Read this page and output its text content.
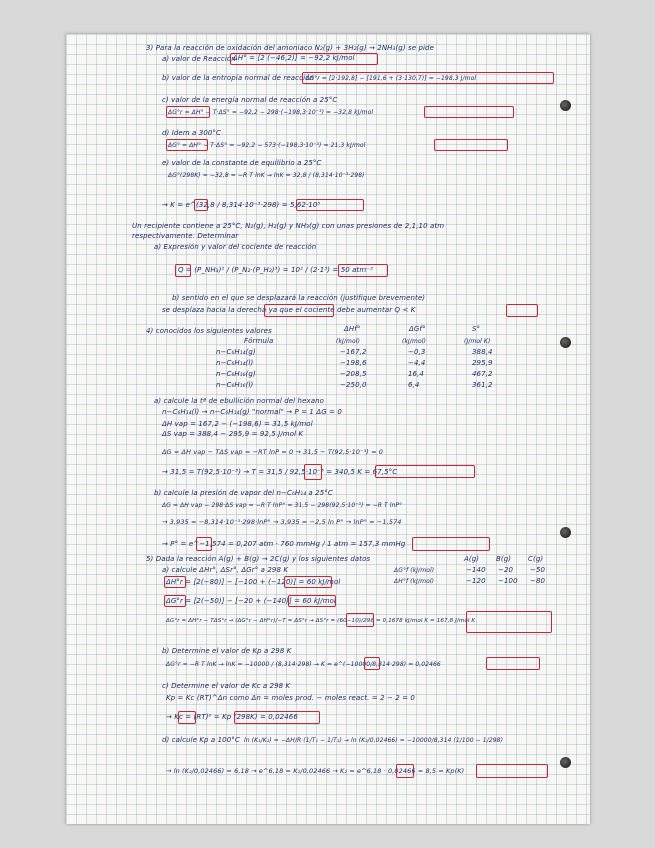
3) Para la reacción de oxidación del amoniaco N₂(g) + 3H₂(g) → 2NH₃(g) se pide
a) valor de Reacción
ΔH° = [2 (−46,2)] = −92,2 kJ/mol
b) valor de la entropía normal de reacción
ΔS°r = [2·192,8] − [191,6 + (3·130,7)] = −198,3 J/mol
c) valor de la energía normal de reacción a 25°C
ΔG°r = ΔH° − T·ΔS° = −92,2 − 298·(−198,3·10⁻³) = −32,8 kJ/mol
d) Idem a 300°C
ΔG° = ΔH° − T·ΔS° = −92,2 − 573·(−198,3·10⁻³) = 21,3 kJ/mol
e) valor de la constante de equilibrio a 25°C
ΔG°(298K) = −32,8 = −R T lnK → lnK = 32,8 / (8,314·10⁻³·298)
→ K = e^(32,8 / 8,314·10⁻³·298) = 5,62·10⁵
Un recipiente contiene a 25°C, N₂(g), H₂(g) y NH₃(g) con unas presiones de 2,1,10 atm
respectivamente. Determinar
a) Expresión y valor del cociente de reacción
Q = (P_NH₃)² / (P_N₂·(P_H₂)³) = 10² / (2·1³) = 50 atm⁻²
b) sentido en el que se desplazará la reacción (justifique brevemente)
se desplaza hacia la derecha ya que el cociente debe aumentar Q < K
4) conocidos los siguientes valores	ΔHf°	ΔGf°	S°
Fórmula	(kJ/mol)	(kJ/mol)	(J/mol K)
n−C₆H₁₄(g)	−167,2	−0,3	388,4
n−C₆H₁₄(l)	−198,6	−4,4	295,9
n−C₆H₁₆(g)	−208,5	16,4	467,2
n−C₆H₁₆(l)	−250,0	6,4	361,2
a) calcule la tª de ebullición normal del hexano
n−C₆H₁₄(l) → n−C₆H₁₄(g) "normal" → P = 1 ΔG = 0
ΔH vap = 167,2 − (−198,6) = 31,5 kJ/mol
ΔS vap = 388,4 − 295,9 = 92,5 J/mol K
ΔG = ΔH vap − TΔS vap = −RT lnP = 0 → 31,5 − T(92,5·10⁻³) = 0
→ 31,5 = T(92,5·10⁻³) → T = 31,5 / 92,5·10⁻³ = 340,5 K = 67,5°C
b) calcule la presión de vapor del n−C₆H₁₄ a 25°C
ΔG = ΔH vap − 298·ΔS vap = −R T lnP° = 31,5 − 298(92,5·10⁻³) = −R T lnP°
→ 3,935 = −8,314·10⁻³·298·lnP° → 3,935 = −2,5 ln P° → lnP° = −1,574
→ P° = e^−1,574 = 0,207 atm · 760 mmHg / 1 atm = 157,3 mmHg
5) Dada la reacción A(g) + B(g) → 2C(g) y los siguientes datos
a) calcule ΔHr°, ΔSr°, ΔGr° a 298 K
A(g) B(g) C(g)
ΔG°f (kJ/mol)	−140 −20 −50
ΔH°f (kJ/mol)	−120 −100 −80
ΔH°r = [2(−80)] − [−100 + (−120)] = 60 kJ/mol
ΔG°r = [2(−50)] − [−20 + (−140)] = 60 kJ/mol
ΔG°r = ΔH°r − TΔS°r → (ΔG°r − ΔH°r)/−T = ΔS°r → ΔS°r = (60−10)/298 = 0,1678 kJ/mol K = 167,8 J/mol K
b) Determine el valor de Kp a 298 K
ΔG°r = −R T lnK → lnK = −10000 / (8,314·298) → K = e^(−10000/8,314·298) = 0,02466
c) Determine el valor de Kc a 298 K
Kp = Kc (RT)^Δn como Δn = moles prod. − moles react. = 2 − 2 = 0
→ Kc = (RT)⁰ = Kp (298K) = 0,02466
d) calcule Kp a 100°C ln (K₁/K₂) = −ΔH/R (1/T₁ − 1/T₂) → ln (K₂/0,02466) = −10000/8,314 (1/100 − 1/298)
→ ln (K₂/0,02466) = 6,18 → e^6,18 = K₂/0,02466 → K₂ = e^6,18 · 0,02466 = 8,5 = Kp(K)
